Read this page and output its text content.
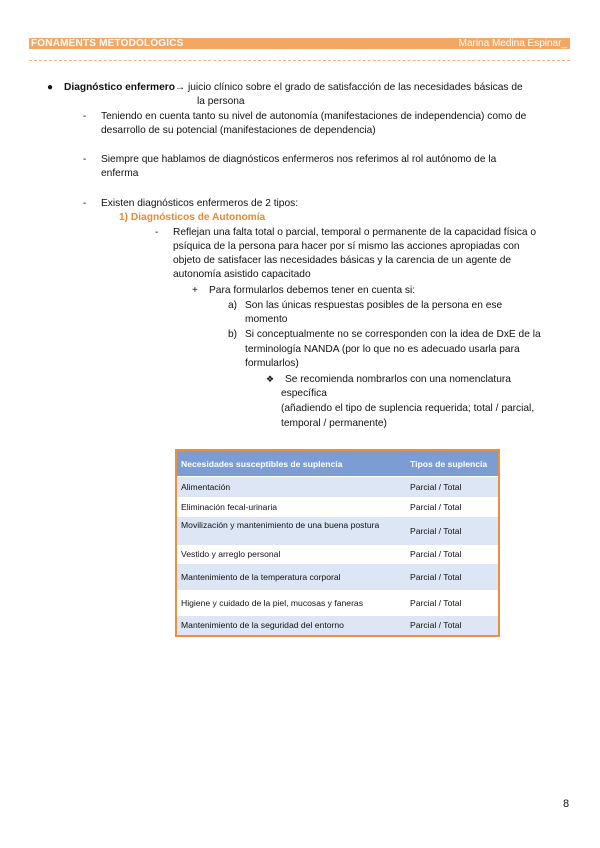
FONAMENTS METODOLÒGICS	Marina Medina Espinar_
● Diagnóstico enfermero→ juicio clínico sobre el grado de satisfacción de las necesidades básicas de
la persona
- Teniendo en cuenta tanto su nivel de autonomía (manifestaciones de independencia) como de
desarrollo de su potencial (manifestaciones de dependencia)
- Siempre que hablamos de diagnósticos enfermeros nos referimos al rol autónomo de la
enferma
- Existen diagnósticos enfermeros de 2 tipos:
1) Diagnósticos de Autonomía
- Reflejan una falta total o parcial, temporal o permanente de la capacidad física o
psíquica de la persona para hacer por sí mismo las acciones apropiadas con
objeto de satisfacer las necesidades básicas y la carencia de un agente de
autonomía asistido capacitado
+ Para formularlos debemos tener en cuenta si:
a) Son las únicas respuestas posibles de la persona en ese
momento
b) Si conceptualmente no se corresponden con la idea de DxE de la
terminología NANDA (por lo que no es adecuado usarla para
formularlos)
❖ Se recomienda nombrarlos con una nomenclatura
específica
(añadiendo el tipo de suplencia requerida; total / parcial,
temporal / permanente)
Necesidades susceptibles de suplencia	Tipos de suplencia
Alimentación	Parcial / Total
Eliminación fecal-urinaria	Parcial / Total
Movilización y mantenimiento de una buena postura
Parcial / Total
Vestido y arreglo personal	Parcial / Total
Mantenimiento de la temperatura corporal	Parcial / Total
Higiene y cuidado de la piel, mucosas y faneras	Parcial / Total
Mantenimiento de la seguridad del entorno	Parcial / Total
8
